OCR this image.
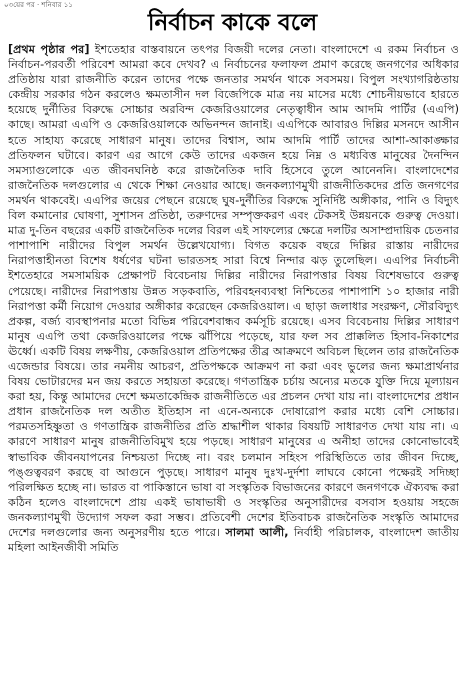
০৩য়ের পর · শনিবার ১১
নির্বাচন কাকে বলে
[প্রথম পৃষ্ঠার পর] ইশতেহার বাস্তবায়নে তৎপর বিজয়ী দলের নেতা। বাংলাদেশে এ রকম নির্বাচন ও নির্বাচন-পরবর্তী পরিবেশ আমরা কবে দেখব? এ নির্বাচনের ফলাফল প্রমাণ করেছে জনগণের অধিকার প্রতিষ্ঠায় যারা রাজনীতি করেন তাদের পক্ষে জনতার সমর্থন থাকে সবসময়। বিপুল সংখ্যাগরিষ্ঠতায় কেন্দ্রীয় সরকার গঠন করলেও ক্ষমতাসীন দল বিজেপিকে মাত্র নয় মাসের মধ্যে শোচনীয়ভাবে হারতে হয়েছে দুর্নীতির বিরুদ্ধে সোচ্চার অরবিন্দ কেজরিওয়ালের নেতৃত্বাধীন আম আদমি পার্টির (এএপি) কাছে। আমরা এএপি ও কেজরিওয়ালকে অভিনন্দন জানাই। এএপিকে আবারও দিল্লির মসনদে আসীন হতে সাহায্য করেছে সাধারণ মানুষ। তাদের বিশ্বাস, আম আদমি পার্টি তাদের আশা-আকাঙ্ক্ষার প্রতিফলন ঘটাবে। কারণ এর আগে কেউ তাদের একজন হয়ে নিম্ন ও মধ্যবিত্ত মানুষের দৈনন্দিন সমস্যাগুলোকে এত জীবনঘনিষ্ঠ করে রাজনৈতিক দাবি হিসেবে তুলে আনেননি। বাংলাদেশের রাজনৈতিক দলগুলোর এ থেকে শিক্ষা নেওয়ার আছে। জনকল্যাণমুখী রাজনীতিকদের প্রতি জনগণের সমর্থন থাকবেই। এএপির জয়ের পেছনে রয়েছে ঘুষ-দুর্নীতির বিরুদ্ধে সুনির্দিষ্ট অঙ্গীকার, পানি ও বিদ্যুৎ বিল কমানোর ঘোষণা, সুশাসন প্রতিষ্ঠা, তরুণদের সম্পৃক্তকরণ এবং টেকসই উন্নয়নকে গুরুত্ব দেওয়া। মাত্র দু-তিন বছরের একটি রাজনৈতিক দলের বিরল এই সাফল্যের ক্ষেত্রে দলটির অসাম্প্রদায়িক চেতনার পাশাপাশি নারীদের বিপুল সমর্থন উল্লেখযোগ্য। বিগত কয়েক বছরে দিল্লির রাস্তায় নারীদের নিরাপত্তাহীনতা বিশেষ ধর্ষণের ঘটনা ভারতসহ সারা বিশ্বে নিন্দার ঝড় তুলেছিল। এএপির নির্বাচনী ইশতেহারে সমসাময়িক প্রেক্ষাপট বিবেচনায় দিল্লির নারীদের নিরাপত্তার বিষয় বিশেষভাবে গুরুত্ব পেয়েছে। নারীদের নিরাপত্তায় উন্নত সড়কবাতি, পরিবহনব্যবস্থা নিশ্চিতের পাশাপাশি ১০ হাজার নারী নিরাপত্তা কর্মী নিয়োগ দেওয়ার অঙ্গীকার করেছেন কেজরিওয়াল। এ ছাড়া জলাধার সংরক্ষণ, সৌরবিদ্যুৎ প্রকল্প, বর্জ্য ব্যবস্থাপনার মতো বিভিন্ন পরিবেশবান্ধব কর্মসূচি রয়েছে। এসব বিবেচনায় দিল্লির সাধারণ মানুষ এএপি তথা কেজরিওয়ালের পক্ষে ঝাঁপিয়ে পড়েছে, যার ফল সব প্রাক্কলিত হিসাব-নিকাশের ঊর্ধ্বে। একটি বিষয় লক্ষণীয়, কেজরিওয়াল প্রতিপক্ষের তীব্র আক্রমণে অবিচল ছিলেন তার রাজনৈতিক এজেন্ডার বিষয়ে। তার নমনীয় আচরণ, প্রতিপক্ষকে আক্রমণ না করা এবং ভুলের জন্য ক্ষমাপ্রার্থনার বিষয় ভোটারদের মন জয় করতে সহায়তা করেছে। গণতান্ত্রিক চর্চায় অন্যের মতকে যুক্তি দিয়ে মূল্যায়ন করা হয়, কিন্তু আমাদের দেশে ক্ষমতাকেন্দ্রিক রাজনীতিতে এর প্রচলন দেখা যায় না। বাংলাদেশের প্রধান প্রধান রাজনৈতিক দল অতীত ইতিহাস না এনে-অন্যকে দোষারোপ করার মধ্যে বেশি সোচ্চার। পরমতসহিষ্ণুতা ও গণতান্ত্রিক রাজনীতির প্রতি শ্রদ্ধাশীল থাকার বিষয়টি সাধারণত দেখা যায় না। এ কারণে সাধারণ মানুষ রাজনীতিবিমুখ হয়ে পড়ছে। সাধারণ মানুষের এ অনীহা তাদের কোনোভাবেই স্বাভাবিক জীবনযাপনের নিশ্চয়তা দিচ্ছে না। বরং চলমান সহিংস পরিস্থিতিতে তার জীবন দিচ্ছে, পঙ্গুত্ববরণ করছে বা আগুনে পুড়ছে। সাধারণ মানুষ দুঃখ-দুর্দশা লাঘবে কোনো পক্ষেরই সদিচ্ছা পরিলক্ষিত হচ্ছে না। ভারত বা পাকিস্তানে ভাষা বা সংস্কৃতিক বিভাজনের কারণে জনগণকে ঐক্যবদ্ধ করা কঠিন হলেও বাংলাদেশে প্রায় একই ভাষাভাষী ও সংস্কৃতির অনুসারীদের বসবাস হওয়ায় সহজে জনকল্যাণমুখী উদ্যোগ সফল করা সম্ভব। প্রতিবেশী দেশের ইতিবাচক রাজনৈতিক সংস্কৃতি আমাদের দেশের দলগুলোর জন্য অনুসরণীয় হতে পারে। সালমা আলী, নির্বাহী পরিচালক, বাংলাদেশ জাতীয় মহিলা আইনজীবী সমিতি
